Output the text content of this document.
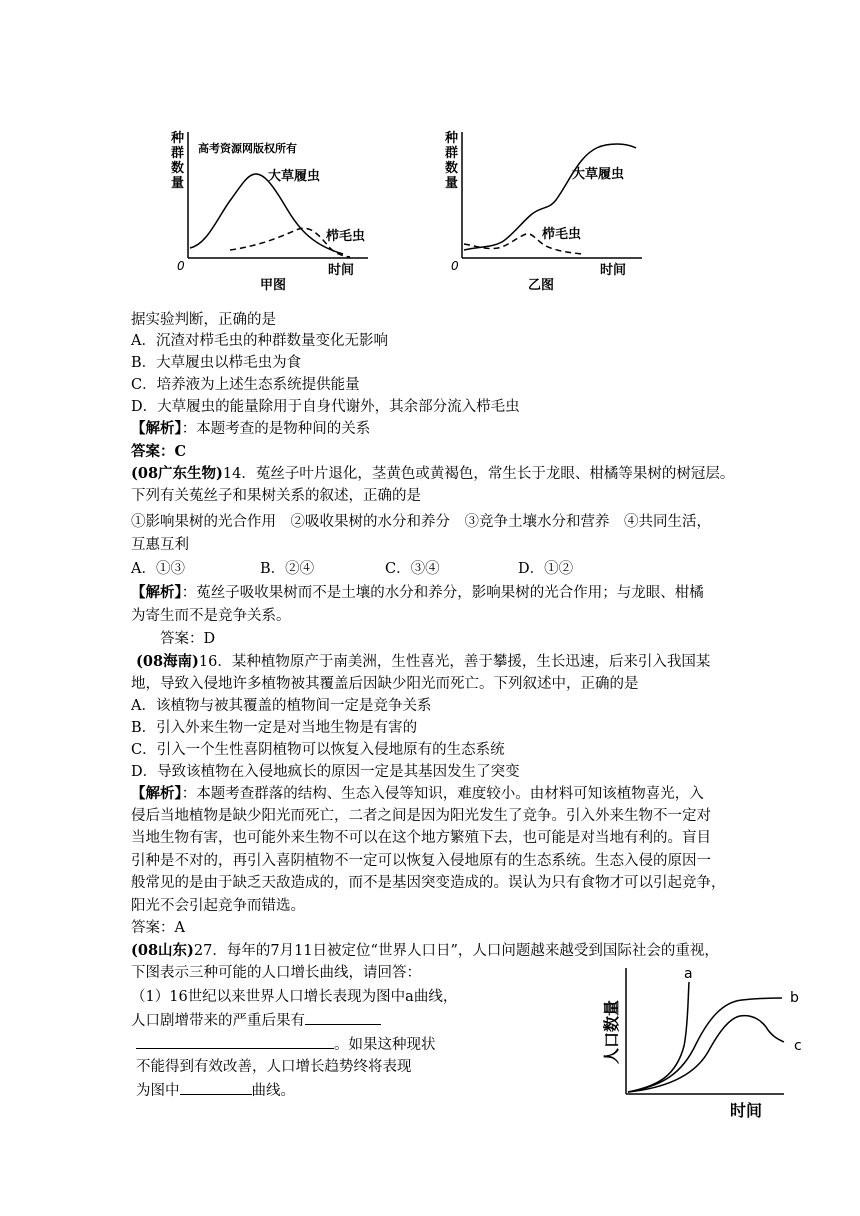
种
群
数
量
高考资源网版权所有
0	时间
大草履虫
栉毛虫
甲图
种
群
数
量
0	时间
大草履虫
栉毛虫
乙图
据实验判断，正确的是
A．沉渣对栉毛虫的种群数量变化无影响
B．大草履虫以栉毛虫为食
C．培养液为上述生态系统提供能量
D．大草履虫的能量除用于自身代谢外，其余部分流入栉毛虫
【解析】：本题考查的是物种间的关系
答案：C
(08广东生物)14．菟丝子叶片退化，茎黄色或黄褐色，常生长于龙眼、柑橘等果树的树冠层。
下列有关菟丝子和果树关系的叙述，正确的是
①影响果树的光合作用　②吸收果树的水分和养分　③竞争土壤水分和营养　④共同生活，
互惠互利
A．①③	B．②④	C．③④	D．①②
【解析】：菟丝子吸收果树而不是土壤的水分和养分，影响果树的光合作用；与龙眼、柑橘
为寄生而不是竞争关系。
答案：D
(08海南)16．某种植物原产于南美洲，生性喜光，善于攀援，生长迅速，后来引入我国某
地，导致入侵地许多植物被其覆盖后因缺少阳光而死亡。下列叙述中，正确的是
A．该植物与被其覆盖的植物间一定是竞争关系
B．引入外来生物一定是对当地生物是有害的
C．引入一个生性喜阴植物可以恢复入侵地原有的生态系统
D．导致该植物在入侵地疯长的原因一定是其基因发生了突变
【解析】：本题考查群落的结构、生态入侵等知识，难度较小。由材料可知该植物喜光，入
侵后当地植物是缺少阳光而死亡，二者之间是因为阳光发生了竞争。引入外来生物不一定对
当地生物有害，也可能外来生物不可以在这个地方繁殖下去，也可能是对当地有利的。盲目
引种是不对的，再引入喜阴植物不一定可以恢复入侵地原有的生态系统。生态入侵的原因一
般常见的是由于缺乏天敌造成的，而不是基因突变造成的。误认为只有食物才可以引起竞争，
阳光不会引起竞争而错选。
答案：A
(08山东)27．每年的7月11日被定位“世界人口日”，人口问题越来越受到国际社会的重视，
下图表示三种可能的人口增长曲线，请回答：
（1）16世纪以来世界人口增长表现为图中a曲线，
人口剧增带来的严重后果有
。如果这种现状
不能得到有效改善，人口增长趋势终将表现
为图中	曲线。
人口数量
时间
a
b
c
